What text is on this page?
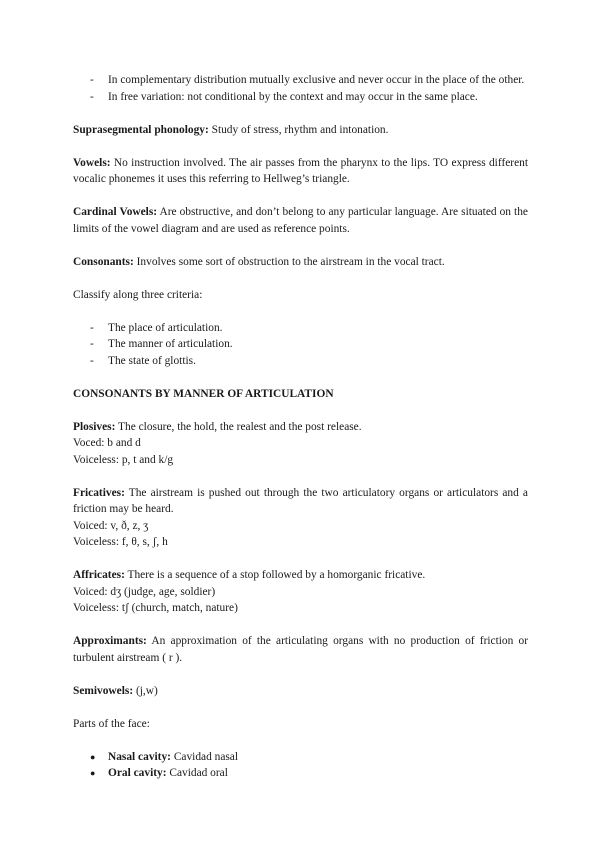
- In complementary distribution mutually exclusive and never occur in the place of the other.

- In free variation: not conditional by the context and may occur in the same place.

Suprasegmental phonology: Study of stress, rhythm and intonation.

Vowels: No instruction involved. The air passes from the pharynx to the lips. TO express different vocalic phonemes it uses this referring to Hellweg’s triangle.

Cardinal Vowels: Are obstructive, and don’t belong to any particular language. Are situated on the limits of the vowel diagram and are used as reference points.

Consonants: Involves some sort of obstruction to the airstream in the vocal tract.

Classify along three criteria:

- The place of articulation.

- The manner of articulation.

- The state of glottis.

CONSONANTS BY MANNER OF ARTICULATION

Plosives: The closure, the hold, the realest and the post release.

Voced: b and d

Voiceless: p, t and k/g

Fricatives: The airstream is pushed out through the two articulatory organs or articulators and a friction may be heard.

Voiced: v, ð, z, ʒ

Voiceless: f, θ, s, ʃ, h

Affricates: There is a sequence of a stop followed by a homorganic fricative.

Voiced: dʒ (judge, age, soldier)

Voiceless: tʃ (church, match, nature)

Approximants: An approximation of the articulating organs with no production of friction or turbulent airstream ( r ).

Semivowels: (j,w)

Parts of the face:

● Nasal cavity: Cavidad nasal

● Oral cavity: Cavidad oral
